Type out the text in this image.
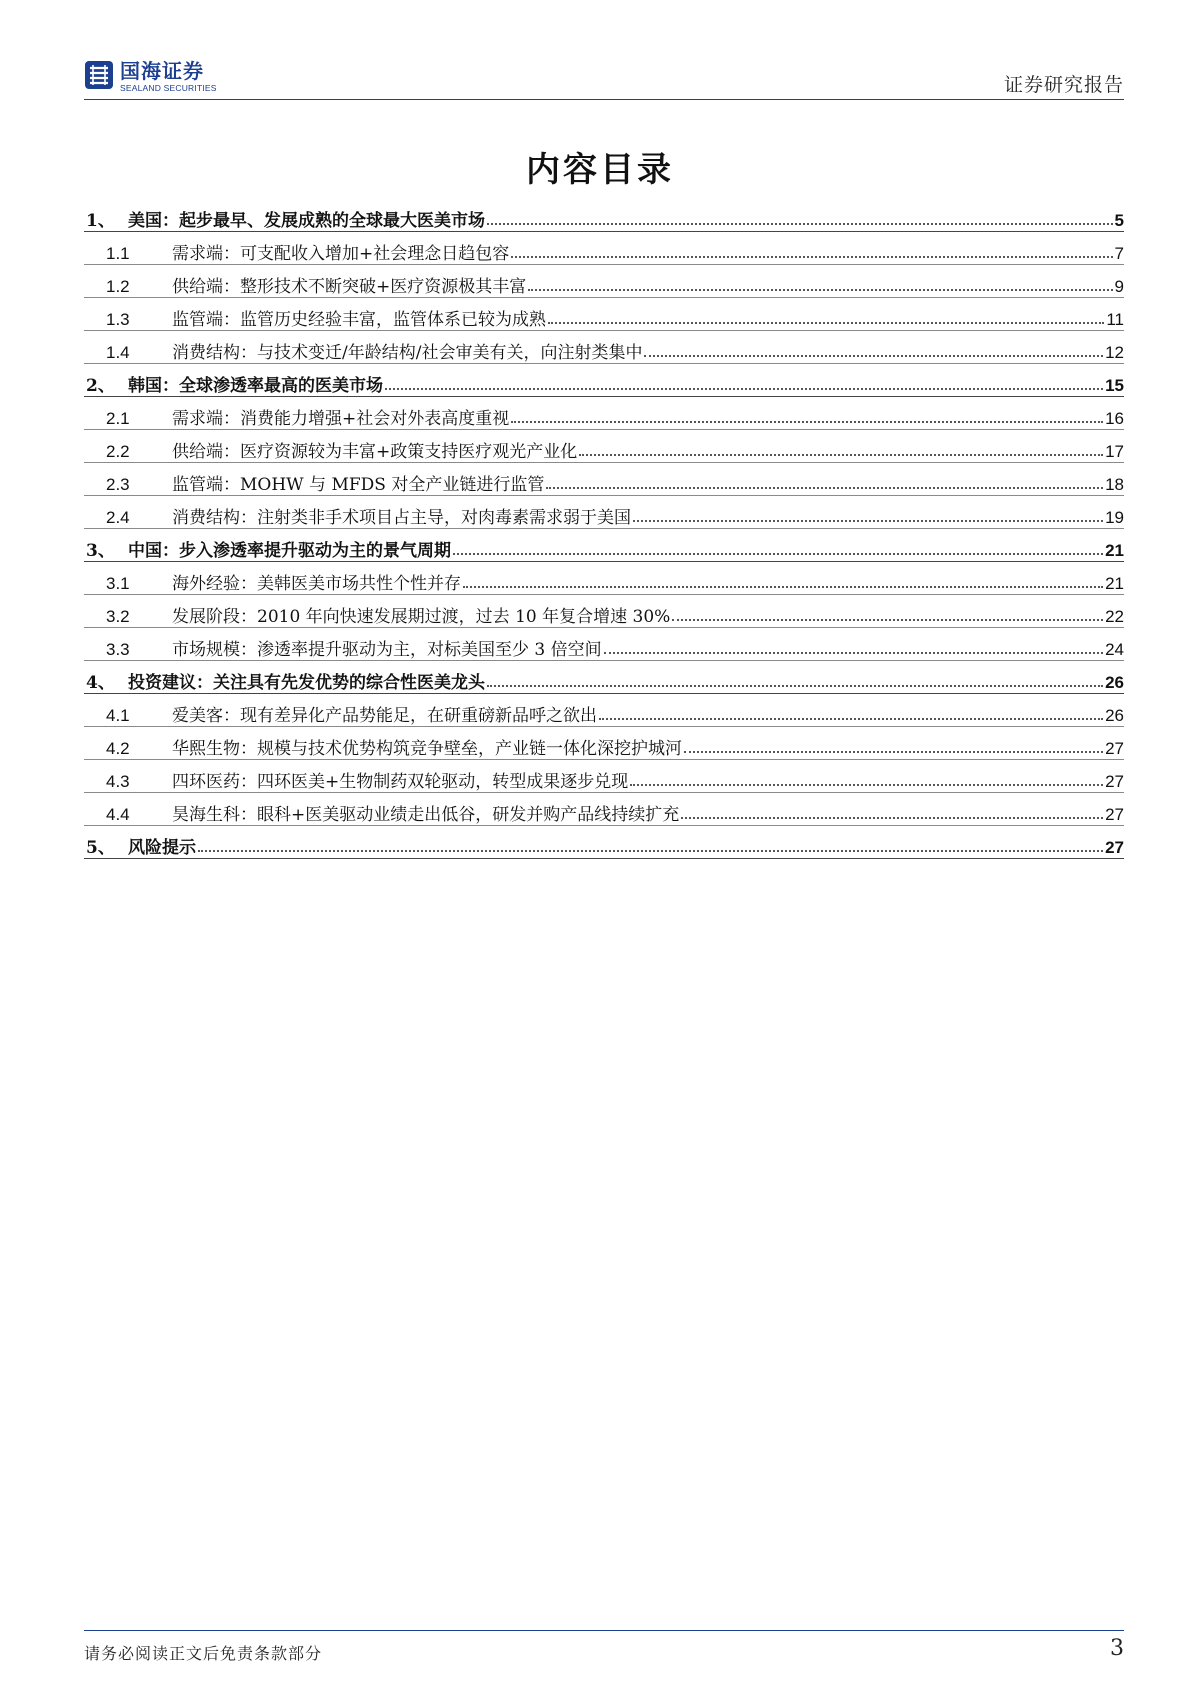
国海证券
SEALAND SECURITIES	证券研究报告
内容目录
1、 美国：起步最早、发展成熟的全球最大医美市场	5
1.1	需求端：可支配收入增加+社会理念日趋包容	7
1.2	供给端：整形技术不断突破+医疗资源极其丰富	9
1.3	监管端：监管历史经验丰富，监管体系已较为成熟	11
1.4	消费结构：与技术变迁/年龄结构/社会审美有关，向注射类集中	12
2、 韩国：全球渗透率最高的医美市场	15
2.1	需求端：消费能力增强+社会对外表高度重视	16
2.2	供给端：医疗资源较为丰富+政策支持医疗观光产业化	17
2.3	监管端：MOHW 与 MFDS 对全产业链进行监管	18
2.4	消费结构：注射类非手术项目占主导，对肉毒素需求弱于美国	19
3、 中国：步入渗透率提升驱动为主的景气周期	21
3.1	海外经验：美韩医美市场共性个性并存	21
3.2	发展阶段：2010 年向快速发展期过渡，过去 10 年复合增速 30%	22
3.3	市场规模：渗透率提升驱动为主，对标美国至少 3 倍空间	24
4、 投资建议：关注具有先发优势的综合性医美龙头	26
4.1	爱美客：现有差异化产品势能足，在研重磅新品呼之欲出	26
4.2	华熙生物：规模与技术优势构筑竞争壁垒，产业链一体化深挖护城河	27
4.3	四环医药：四环医美+生物制药双轮驱动，转型成果逐步兑现	27
4.4	昊海生科：眼科+医美驱动业绩走出低谷，研发并购产品线持续扩充	27
5、 风险提示	27
请务必阅读正文后免责条款部分	3
